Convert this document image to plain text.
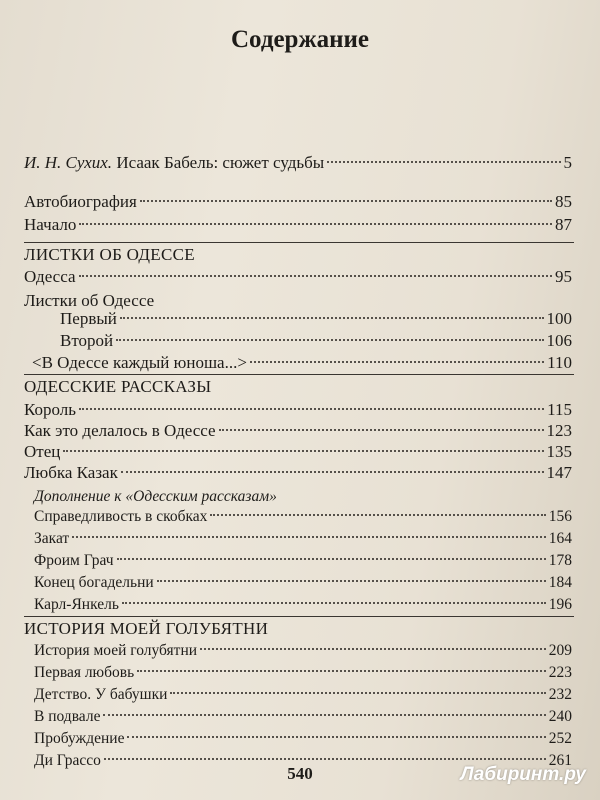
Содержание
И. Н. Сухих. Исаак Бабель: сюжет судьбы	5
Автобиография	85
Начало	87
ЛИСТКИ ОБ ОДЕССЕ
Одесса	95
Листки об Одессе
Первый	100
Второй	106
<В Одессе каждый юноша...>	110
ОДЕССКИЕ РАССКАЗЫ
Король	115
Как это делалось в Одессе	123
Отец	135
Любка Казак	147
Дополнение к «Одесским рассказам»
Справедливость в скобках	156
Закат	164
Фроим Грач	178
Конец богадельни	184
Карл-Янкель	196
ИСТОРИЯ МОЕЙ ГОЛУБЯТНИ
История моей голубятни	209
Первая любовь	223
Детство. У бабушки	232
В подвале	240
Пробуждение	252
Ди Грассо	261
540	Лабиринт.ру
